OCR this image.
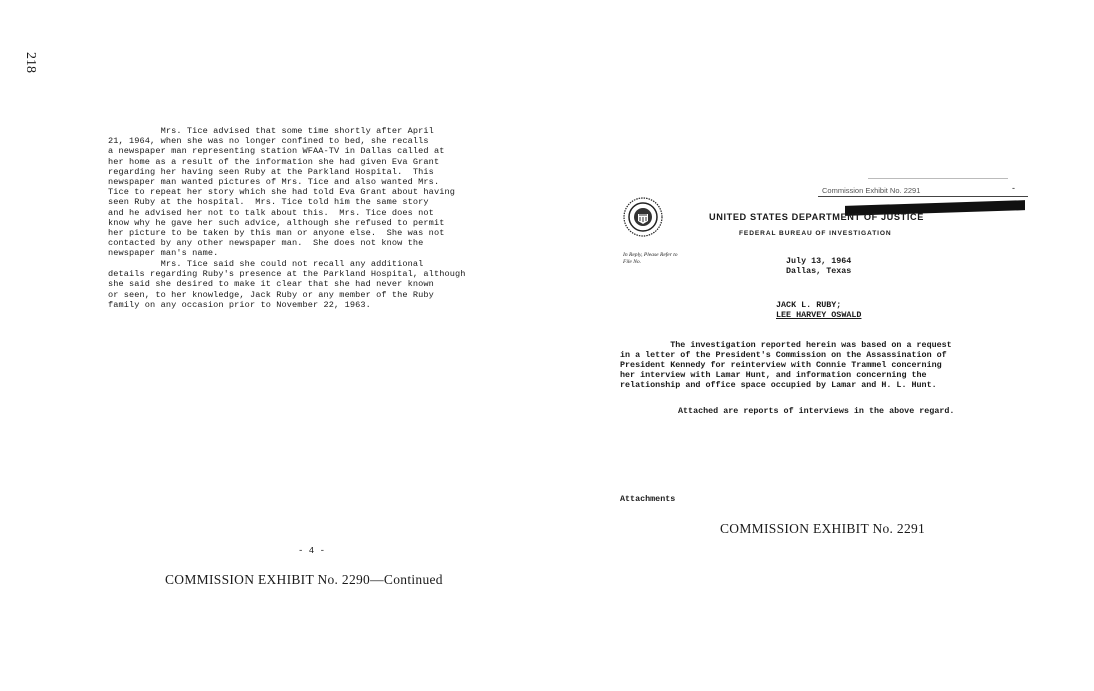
218
Mrs. Tice advised that some time shortly after April
21, 1964, when she was no longer confined to bed, she recalls
a newspaper man representing station WFAA-TV in Dallas called at
her home as a result of the information she had given Eva Grant
regarding her having seen Ruby at the Parkland Hospital.  This
newspaper man wanted pictures of Mrs. Tice and also wanted Mrs.
Tice to repeat her story which she had told Eva Grant about having
seen Ruby at the hospital.  Mrs. Tice told him the same story
and he advised her not to talk about this.  Mrs. Tice does not
know why he gave her such advice, although she refused to permit
her picture to be taken by this man or anyone else.  She was not
contacted by any other newspaper man.  She does not know the
newspaper man's name.
Mrs. Tice said she could not recall any additional
details regarding Ruby's presence at the Parkland Hospital, although
she said she desired to make it clear that she had never known
or seen, to her knowledge, Jack Ruby or any member of the Ruby
family on any occasion prior to November 22, 1963.
- 4 -
COMMISSION EXHIBIT No. 2290—Continued
Commission Exhibit No. 2291	-
UNITED STATES DEPARTMENT OF JUSTICE
FEDERAL BUREAU OF INVESTIGATION
In Reply, Please Refer to
File No.	July 13, 1964
Dallas, Texas
JACK L. RUBY;
LEE HARVEY OSWALD
The investigation reported herein was based on a request
in a letter of the President's Commission on the Assassination of
President Kennedy for reinterview with Connie Trammel concerning
her interview with Lamar Hunt, and information concerning the
relationship and office space occupied by Lamar and H. L. Hunt.
Attached are reports of interviews in the above regard.
Attachments
COMMISSION EXHIBIT No. 2291
